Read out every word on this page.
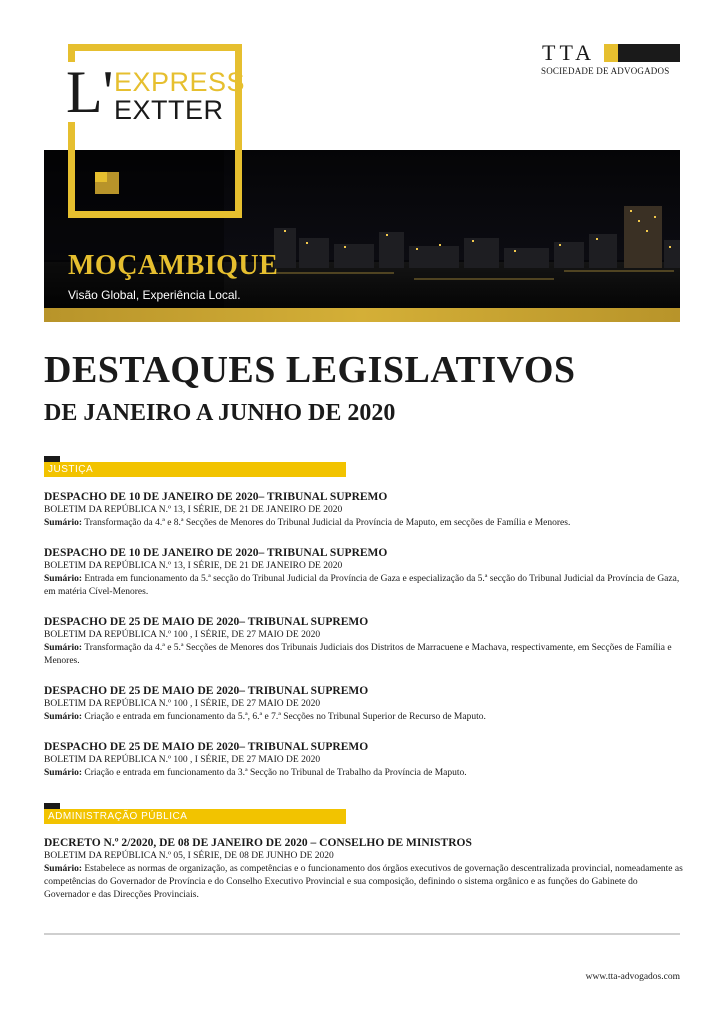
L' EXPRESS
EXTTER
TTA
SOCIEDADE DE ADVOGADOS
MOÇAMBIQUE
Visão Global, Experiência Local.
DESTAQUES LEGISLATIVOS
DE JANEIRO A JUNHO DE 2020
JUSTIÇA
DESPACHO DE 10 DE JANEIRO DE 2020– TRIBUNAL SUPREMO
BOLETIM DA REPÚBLICA N.º 13, I SÉRIE, DE 21 DE JANEIRO DE 2020
Sumário: Transformação da 4.ª e 8.ª Secções de Menores do Tribunal Judicial da Província de Maputo, em secções de Família e Menores.
DESPACHO DE 10 DE JANEIRO DE 2020– TRIBUNAL SUPREMO
BOLETIM DA REPÚBLICA N.º 13, I SÉRIE, DE 21 DE JANEIRO DE 2020
Sumário: Entrada em funcionamento da 5.ª secção do Tribunal Judicial da Província de Gaza e especialização da 5.ª secção do Tribunal Judicial da Província de Gaza, em matéria Cível-Menores.
DESPACHO DE 25 DE MAIO DE 2020– TRIBUNAL SUPREMO
BOLETIM DA REPÚBLICA N.º 100 , I SÉRIE, DE 27 MAIO DE 2020
Sumário: Transformação da 4.ª e 5.ª Secções de Menores dos Tribunais Judiciais dos Distritos de Marracuene e Machava, respectivamente, em Secções de Família e Menores.
DESPACHO DE 25 DE MAIO DE 2020– TRIBUNAL SUPREMO
BOLETIM DA REPÚBLICA N.º 100 , I SÉRIE, DE 27 MAIO DE 2020
Sumário: Criação e entrada em funcionamento da 5.ª, 6.ª e 7.ª Secções no Tribunal Superior de Recurso de Maputo.
DESPACHO DE 25 DE MAIO DE 2020– TRIBUNAL SUPREMO
BOLETIM DA REPÚBLICA N.º 100 , I SÉRIE, DE 27 MAIO DE 2020
Sumário: Criação e entrada em funcionamento da 3.ª Secção no Tribunal de Trabalho da Província de Maputo.
ADMINISTRAÇÃO PÚBLICA
DECRETO N.º 2/2020, DE 08 DE JANEIRO DE 2020 – CONSELHO DE MINISTROS
BOLETIM DA REPÚBLICA N.º 05, I SÉRIE, DE 08 DE JUNHO DE 2020
Sumário: Estabelece as normas de organização, as competências e o funcionamento dos órgãos executivos de governação descentralizada provincial, nomeadamente as competências do Governador de Província e do Conselho Executivo Provincial e sua composição, definindo o sistema orgânico e as funções do Gabinete do Governador e das Direcções Provinciais.
www.tta-advogados.com
